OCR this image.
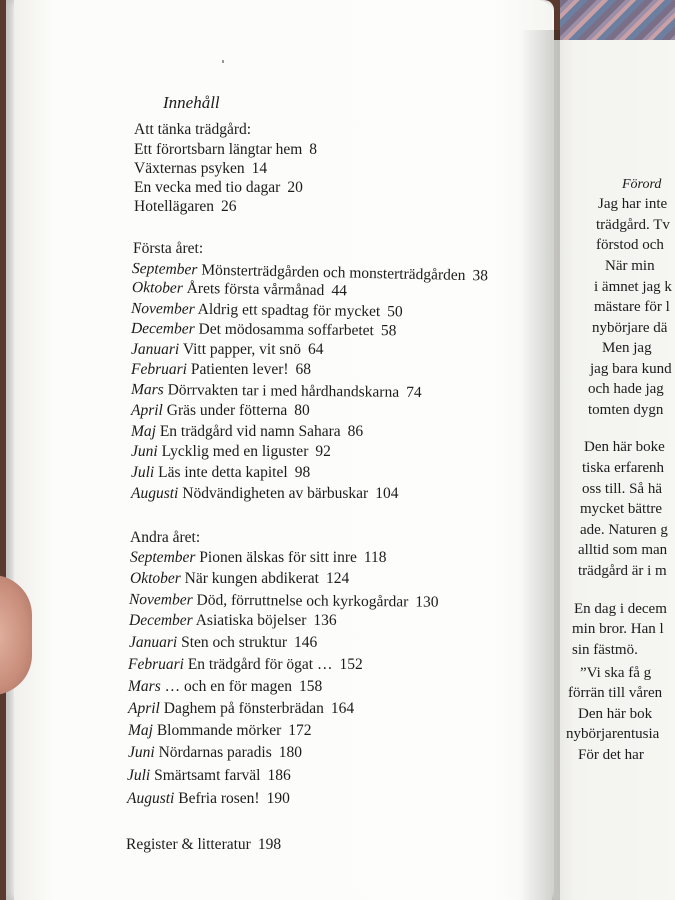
Innehåll
Att tänka trädgård:
Ett förortsbarn längtar hem 8
Växternas psyken 14
En vecka med tio dagar 20
Hotellägaren 26
Första året:
September Mönsterträdgården och monsterträdgården 38
Oktober Årets första vårmånad 44
November Aldrig ett spadtag för mycket 50
December Det mödosamma soffarbetet 58
Januari Vitt papper, vit snö 64
Februari Patienten lever! 68
Mars Dörrvakten tar i med hårdhandskarna 74
April Gräs under fötterna 80
Maj En trädgård vid namn Sahara 86
Juni Lycklig med en liguster 92
Juli Läs inte detta kapitel 98
Augusti Nödvändigheten av bärbuskar 104
Andra året:
September Pionen älskas för sitt inre 118
Oktober När kungen abdikerat 124
November Död, förruttnelse och kyrkogårdar 130
December Asiatiska böjelser 136
Januari Sten och struktur 146
Februari En trädgård för ögat … 152
Mars … och en för magen 158
April Daghem på fönsterbrädan 164
Maj Blommande mörker 172
Juni Nördarnas paradis 180
Juli Smärtsamt farväl 186
Augusti Befria rosen! 190
Register & litteratur 198
Förord
Jag har inte
trädgård. Tv
förstod och
När min
i ämnet jag k
mästare för l
nybörjare dä
Men jag
jag bara kund
och hade jag
tomten dygn
Den här boke
tiska erfarenh
oss till. Så hä
mycket bättre
ade. Naturen g
alltid som man
trädgård är i m
En dag i decem
min bror. Han l
sin fästmö.
”Vi ska få g
förrän till våren
Den här bok
nybörjarentusia
För det har
